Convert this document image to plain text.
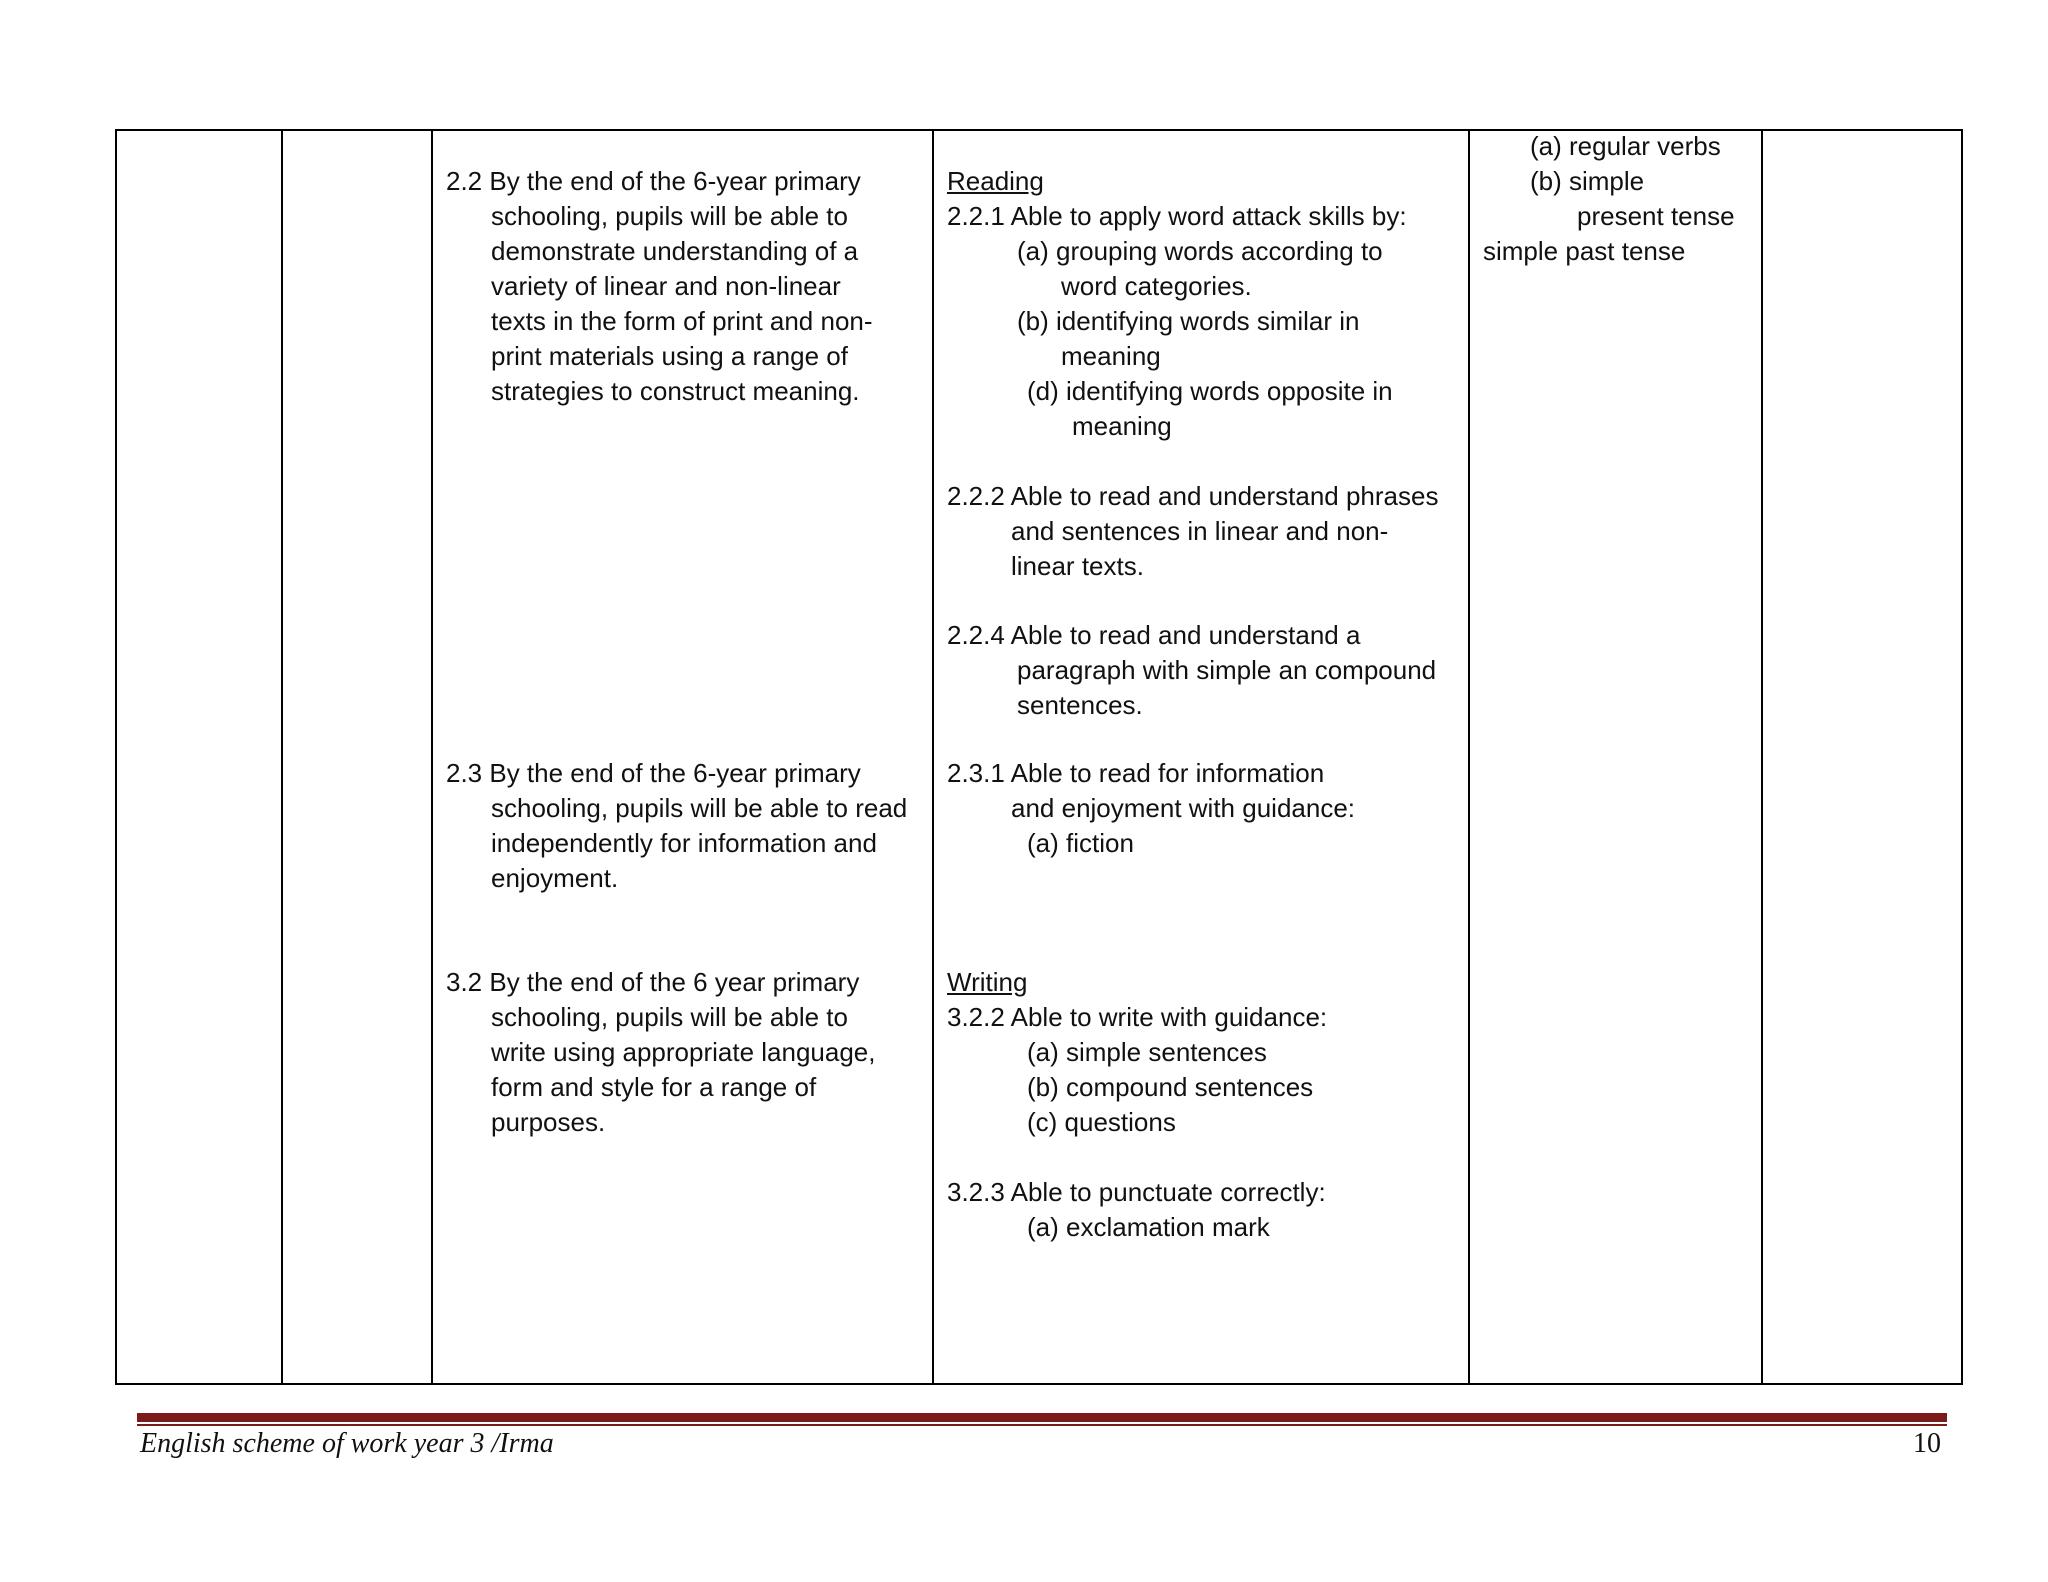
2.2 By the end of the 6-year primary

schooling, pupils will be able to

demonstrate understanding of a

variety of linear and non-linear

texts in the form of print and non-

print materials using a range of

strategies to construct meaning.

2.3 By the end of the 6-year primary

schooling, pupils will be able to read

independently for information and

enjoyment.

3.2 By the end of the 6 year primary

schooling, pupils will be able to

write using appropriate language,

form and style for a range of

purposes.

Reading

2.2.1 Able to apply word attack skills by:

(a) grouping words according to

word categories.

(b) identifying words similar in

meaning

(d) identifying words opposite in

meaning

2.2.2 Able to read and understand phrases

and sentences in linear and non-

linear texts.

2.2.4 Able to read and understand a

paragraph with simple an compound

sentences.

2.3.1 Able to read for information

and enjoyment with guidance:

(a) fiction

Writing

3.2.2 Able to write with guidance:

(a) simple sentences

(b) compound sentences

(c) questions

3.2.3 Able to punctuate correctly:

(a) exclamation mark

(a) regular verbs

(b) simple

present tense

simple past tense

English scheme of work year 3 /Irma	10
